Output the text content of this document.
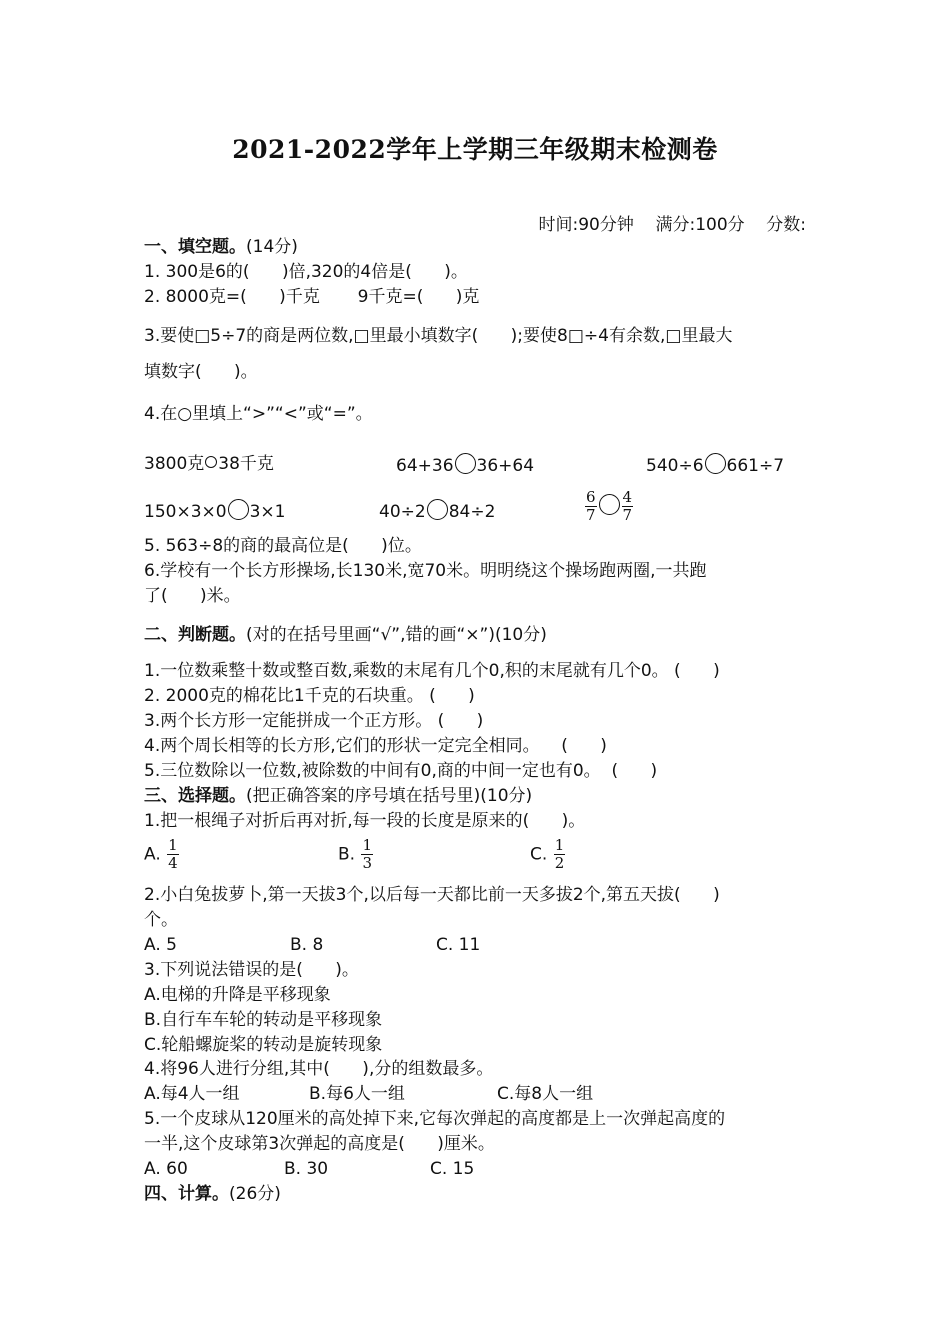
2021-2022学年上学期三年级期末检测卷
时间:90分钟    满分:100分    分数:
一、填空题。(14分)
1. 300是6的(      )倍,320的4倍是(      )。
2. 8000克=(      )千克       9千克=(      )克
3.要使□5÷7的商是两位数,□里最小填数字(      );要使8□÷4有余数,□里最大
填数字(      )。
4.在○里填上“>”“<”或“=”。
3800克 38千克	64+36 36+64	540÷6 661÷7
150×3×0 3×1	40÷2 84÷2	$\frac{6}{7} \frac{4}{7}$
5. 563÷8的商的最高位是(      )位。
6.学校有一个长方形操场,长130米,宽70米。明明绕这个操场跑两圈,一共跑
了(      )米。
二、判断题。(对的在括号里画“√”,错的画“×”)(10分)
1.一位数乘整十数或整百数,乘数的末尾有几个0,积的末尾就有几个0。 (      )
2. 2000克的棉花比1千克的石块重。 (      )
3.两个长方形一定能拼成一个正方形。 (      )
4.两个周长相等的长方形,它们的形状一定完全相同。    (      )
5.三位数除以一位数,被除数的中间有0,商的中间一定也有0。  (      )
三、选择题。(把正确答案的序号填在括号里)(10分)
1.把一根绳子对折后再对折,每一段的长度是原来的(      )。
A. $\frac{1}{4}$	B. $\frac{1}{3}$	C. $\frac{1}{2}$
2.小白兔拔萝卜,第一天拔3个,以后每一天都比前一天多拔2个,第五天拔(      )
个。
A. 5	B. 8	C. 11
3.下列说法错误的是(      )。
A.电梯的升降是平移现象
B.自行车车轮的转动是平移现象
C.轮船螺旋桨的转动是旋转现象
4.将96人进行分组,其中(      ),分的组数最多。
A.每4人一组	B.每6人一组	C.每8人一组
5.一个皮球从120厘米的高处掉下来,它每次弹起的高度都是上一次弹起高度的
一半,这个皮球第3次弹起的高度是(      )厘米。
A. 60	B. 30	C. 15
四、计算。(26分)
